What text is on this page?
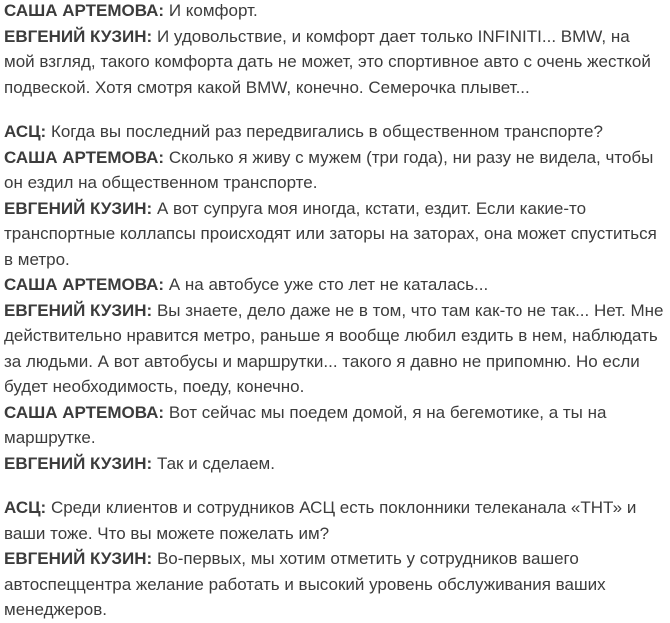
САША АРТЕМОВА: И комфорт.

ЕВГЕНИЙ КУЗИН: И удовольствие, и комфорт дает только INFINITI... BMW, на мой взгляд, такого комфорта дать не может, это спортивное авто с очень жесткой подвеской. Хотя смотря какой BMW, конечно. Семерочка плывет...

АСЦ: Когда вы последний раз передвигались в общественном транспорте?

САША АРТЕМОВА: Сколько я живу с мужем (три года), ни разу не видела, чтобы он ездил на общественном транспорте.

ЕВГЕНИЙ КУЗИН: А вот супруга моя иногда, кстати, ездит. Если какие-то транспортные коллапсы происходят или заторы на заторах, она может спуститься в метро.

САША АРТЕМОВА: А на автобусе уже сто лет не каталась...

ЕВГЕНИЙ КУЗИН: Вы знаете, дело даже не в том, что там как-то не так... Нет. Мне действительно нравится метро, раньше я вообще любил ездить в нем, наблюдать за людьми. А вот автобусы и маршрутки... такого я давно не припомню. Но если будет необходимость, поеду, конечно.

САША АРТЕМОВА: Вот сейчас мы поедем домой, я на бегемотике, а ты на маршрутке.

ЕВГЕНИЙ КУЗИН: Так и сделаем.

АСЦ: Среди клиентов и сотрудников АСЦ есть поклонники телеканала «ТНТ» и ваши тоже. Что вы можете пожелать им?

ЕВГЕНИЙ КУЗИН: Во-первых, мы хотим отметить у сотрудников вашего автоспеццентра желание работать и высокий уровень обслуживания ваших менеджеров.
